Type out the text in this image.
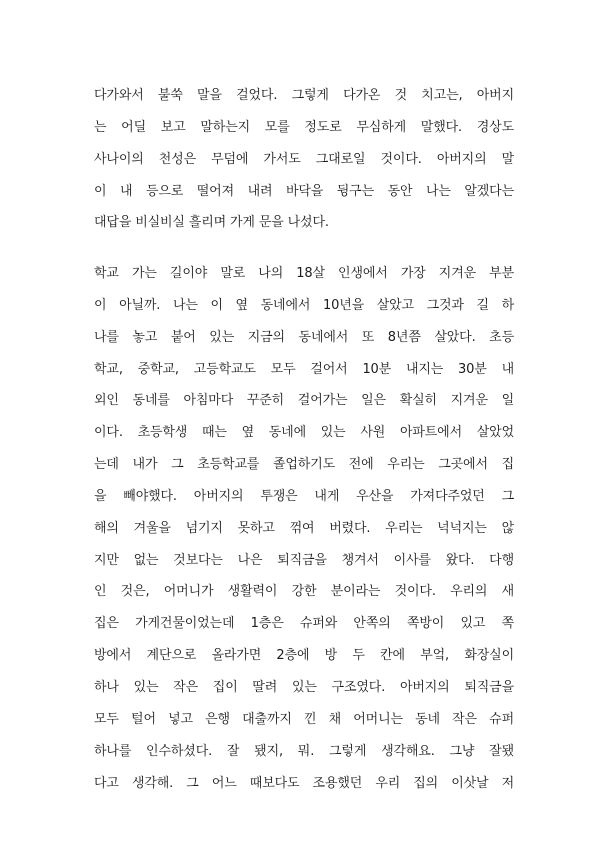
다가와서 불쑥 말을 걸었다. 그렇게 다가온 것 치고는, 아버지
는 어딜 보고 말하는지 모를 정도로 무심하게 말했다. 경상도
사나이의 천성은 무덤에 가서도 그대로일 것이다. 아버지의 말
이 내 등으로 떨어져 내려 바닥을 뒹구는 동안 나는 알겠다는
대답을 비실비실 흘리며 가게 문을 나섰다.
학교 가는 길이야 말로 나의 18살 인생에서 가장 지겨운 부분
이 아닐까. 나는 이 옆 동네에서 10년을 살았고 그것과 길 하
나를 놓고 붙어 있는 지금의 동네에서 또 8년쯤 살았다. 초등
학교, 중학교, 고등학교도 모두 걸어서 10분 내지는 30분 내
외인 동네를 아침마다 꾸준히 걸어가는 일은 확실히 지겨운 일
이다. 초등학생 때는 옆 동네에 있는 사원 아파트에서 살았었
는데 내가 그 초등학교를 졸업하기도 전에 우리는 그곳에서 집
을 빼야했다. 아버지의 투쟁은 내게 우산을 가져다주었던 그
해의 겨울을 넘기지 못하고 꺾여 버렸다. 우리는 넉넉지는 않
지만 없는 것보다는 나은 퇴직금을 챙겨서 이사를 왔다. 다행
인 것은, 어머니가 생활력이 강한 분이라는 것이다. 우리의 새
집은 가게건물이었는데 1층은 슈퍼와 안쪽의 쪽방이 있고 쪽
방에서 계단으로 올라가면 2층에 방 두 칸에 부엌, 화장실이
하나 있는 작은 집이 딸려 있는 구조였다. 아버지의 퇴직금을
모두 털어 넣고 은행 대출까지 낀 채 어머니는 동네 작은 슈퍼
하나를 인수하셨다. 잘 됐지, 뭐. 그렇게 생각해요. 그냥 잘됐
다고 생각해. 그 어느 때보다도 조용했던 우리 집의 이삿날 저
